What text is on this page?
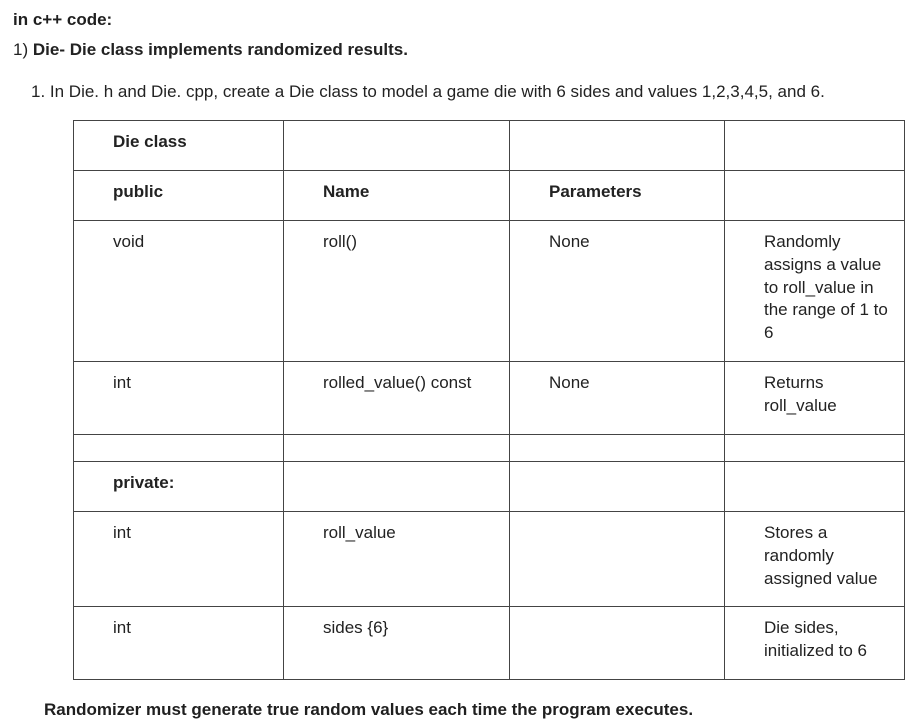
in c++ code:
1) Die- Die class implements randomized results.
1. In Die. h and Die. cpp, create a Die class to model a game die with 6 sides and values 1,2,3,4,5, and 6.
Die class			
public	Name	Parameters	
void	roll()	None	Randomly assigns a value to roll_value in the range of 1 to 6
int	rolled_value() const	None	Returns roll_value

private:			
int	roll_value		Stores a randomly assigned value
int	sides {6}		Die sides, initialized to 6
Randomizer must generate true random values each time the program executes.
